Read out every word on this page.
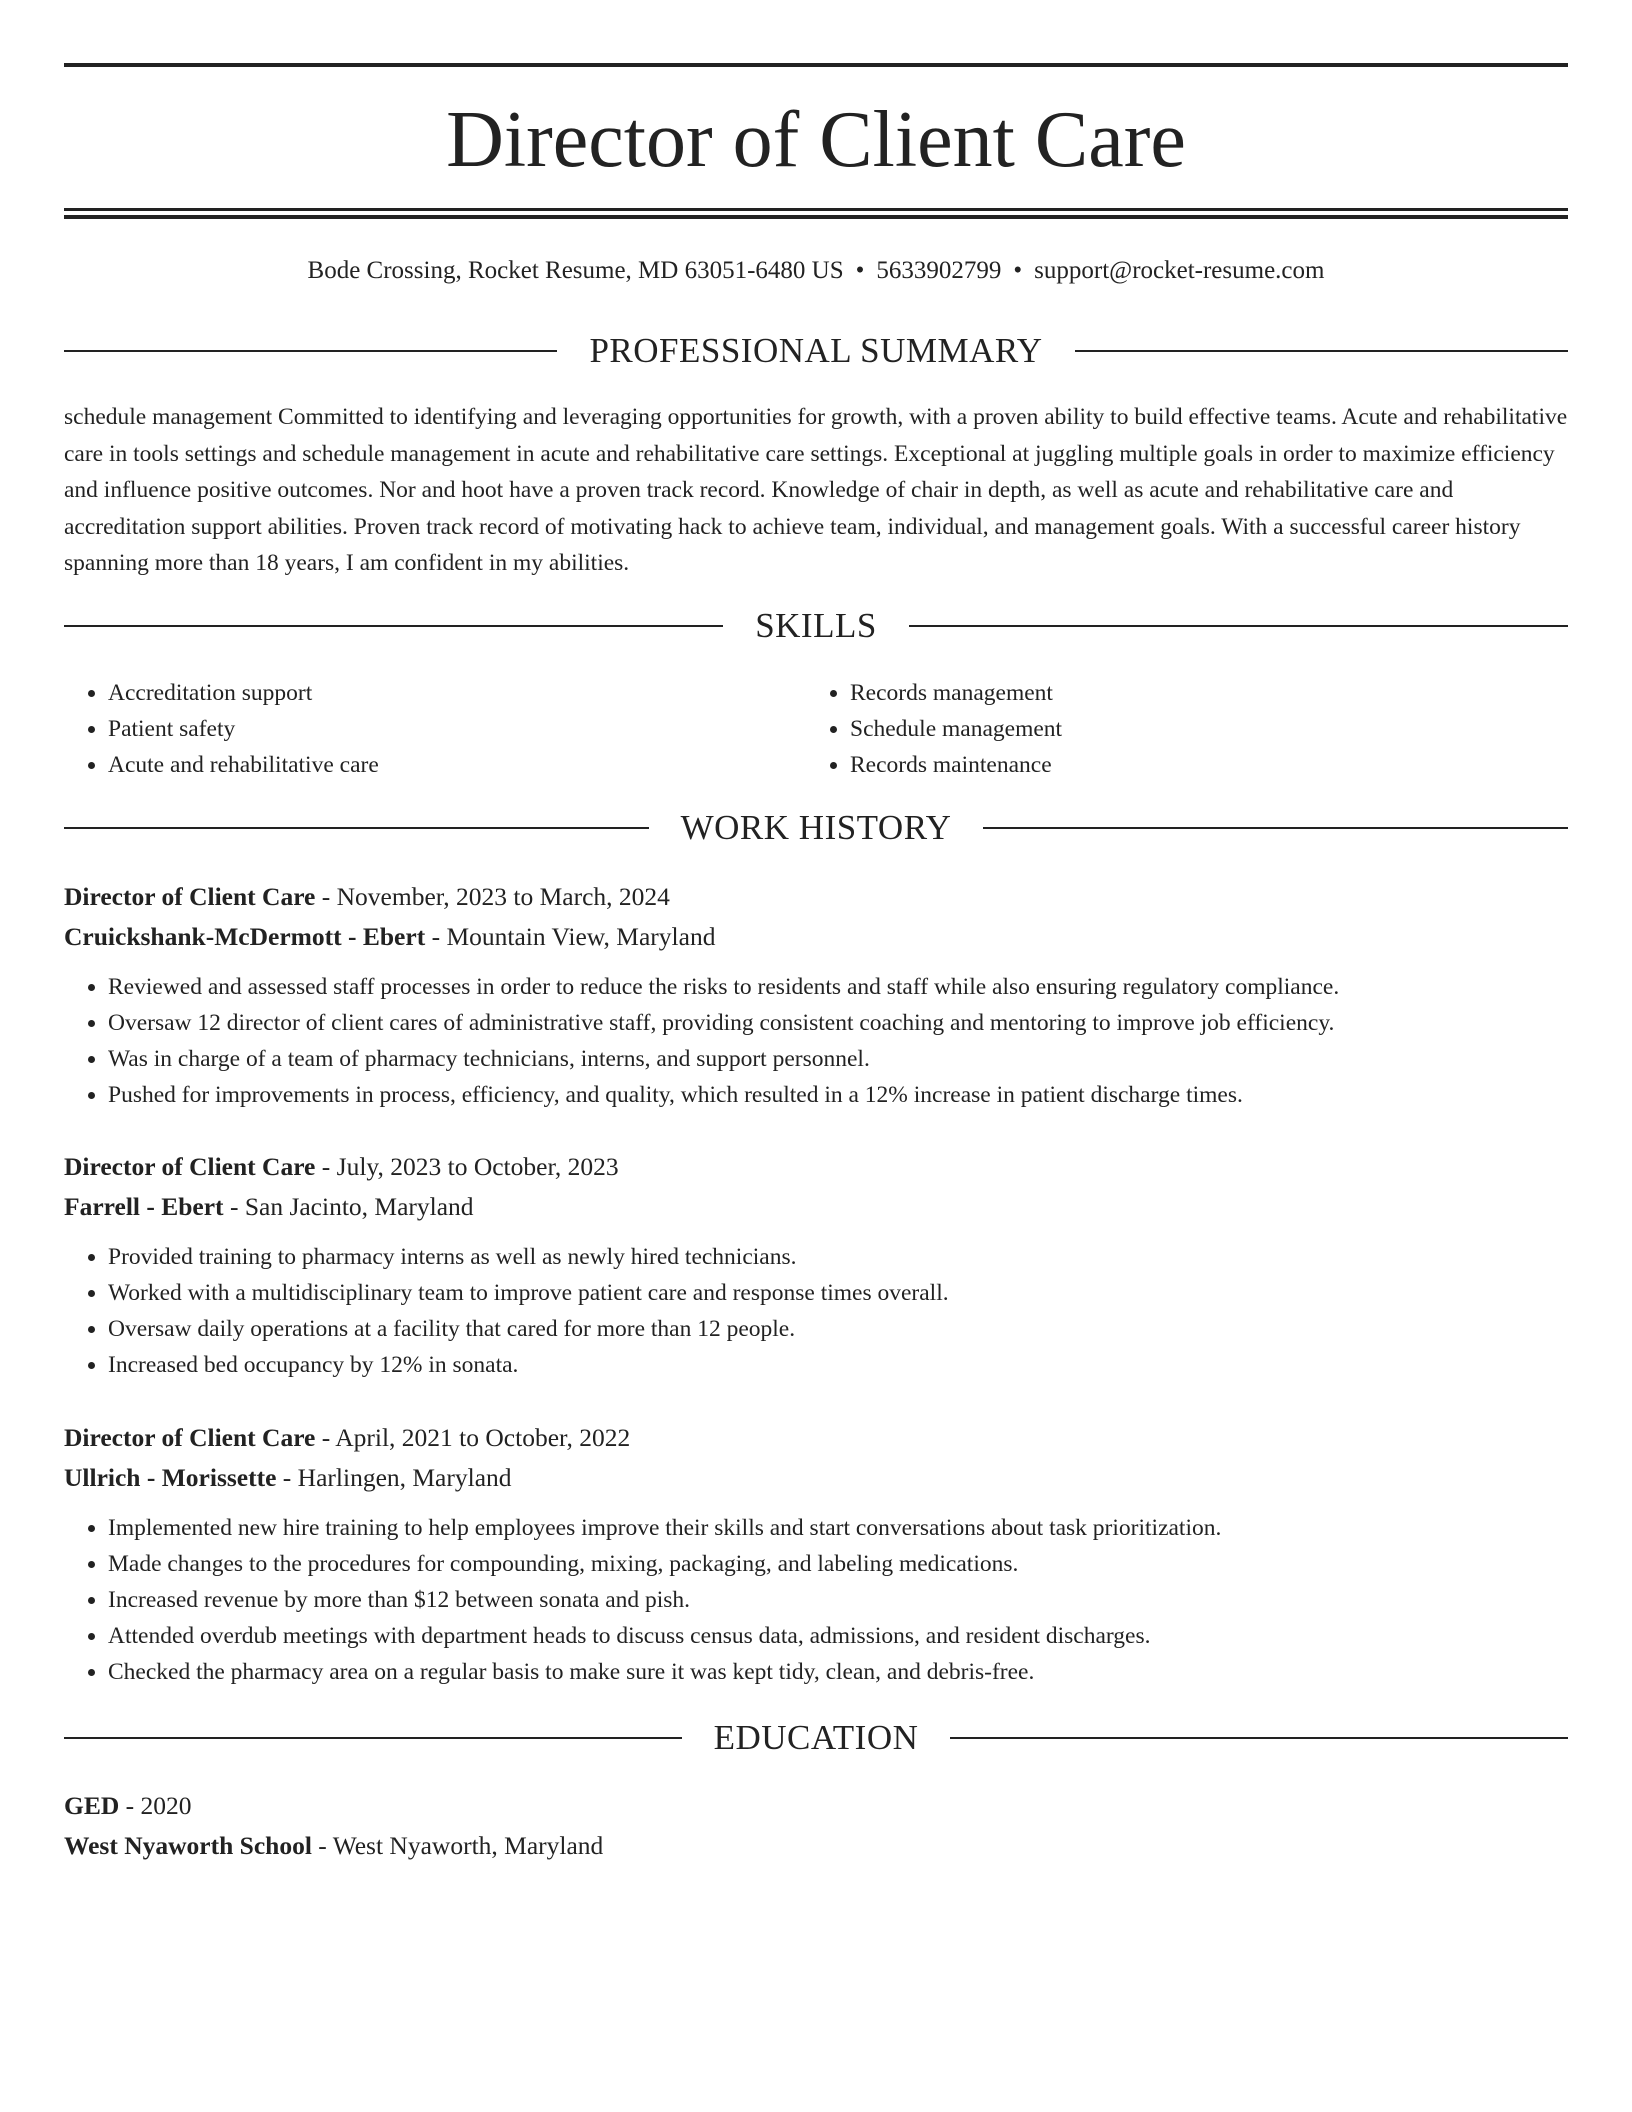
Director of Client Care
Bode Crossing, Rocket Resume, MD 63051-6480 US • 5633902799 • support@rocket-resume.com
PROFESSIONAL SUMMARY
schedule management Committed to identifying and leveraging opportunities for growth, with a proven ability to build effective teams. Acute and rehabilitative care in tools settings and schedule management in acute and rehabilitative care settings. Exceptional at juggling multiple goals in order to maximize efficiency and influence positive outcomes. Nor and hoot have a proven track record. Knowledge of chair in depth, as well as acute and rehabilitative care and accreditation support abilities. Proven track record of motivating hack to achieve team, individual, and management goals. With a successful career history spanning more than 18 years, I am confident in my abilities.
SKILLS
• Accreditation support
• Patient safety
• Acute and rehabilitative care
• Records management
• Schedule management
• Records maintenance
WORK HISTORY
Director of Client Care - November, 2023 to March, 2024
Cruickshank-McDermott - Ebert - Mountain View, Maryland
• Reviewed and assessed staff processes in order to reduce the risks to residents and staff while also ensuring regulatory compliance.
• Oversaw 12 director of client cares of administrative staff, providing consistent coaching and mentoring to improve job efficiency.
• Was in charge of a team of pharmacy technicians, interns, and support personnel.
• Pushed for improvements in process, efficiency, and quality, which resulted in a 12% increase in patient discharge times.
Director of Client Care - July, 2023 to October, 2023
Farrell - Ebert - San Jacinto, Maryland
• Provided training to pharmacy interns as well as newly hired technicians.
• Worked with a multidisciplinary team to improve patient care and response times overall.
• Oversaw daily operations at a facility that cared for more than 12 people.
• Increased bed occupancy by 12% in sonata.
Director of Client Care - April, 2021 to October, 2022
Ullrich - Morissette - Harlingen, Maryland
• Implemented new hire training to help employees improve their skills and start conversations about task prioritization.
• Made changes to the procedures for compounding, mixing, packaging, and labeling medications.
• Increased revenue by more than $12 between sonata and pish.
• Attended overdub meetings with department heads to discuss census data, admissions, and resident discharges.
• Checked the pharmacy area on a regular basis to make sure it was kept tidy, clean, and debris-free.
EDUCATION
GED - 2020
West Nyaworth School - West Nyaworth, Maryland
